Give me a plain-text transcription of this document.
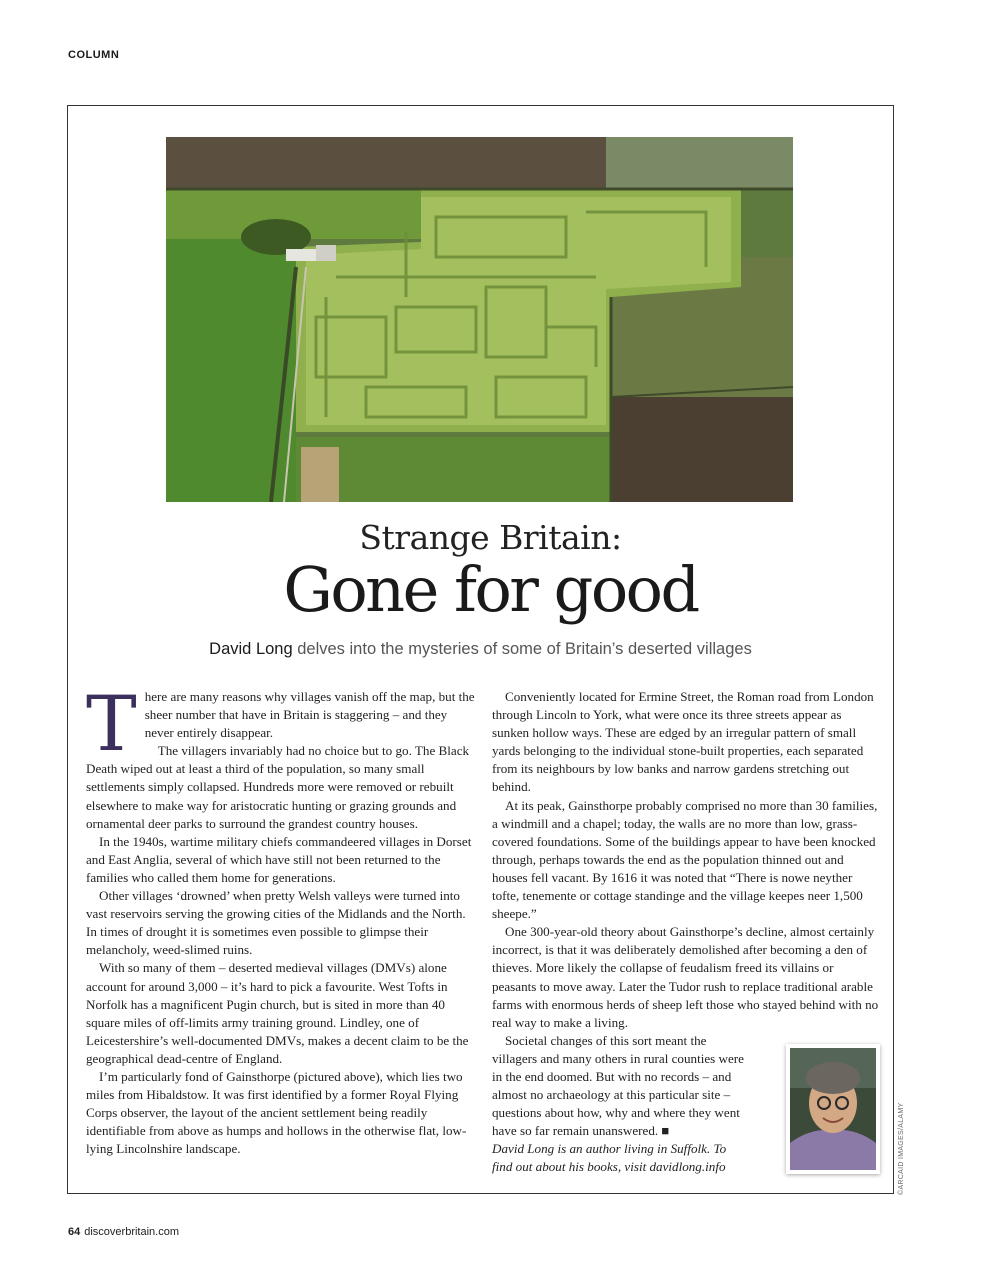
COLUMN
Strange Britain:
Gone for good
David Long delves into the mysteries of some of Britain’s deserted villages
T here are many reasons why villages vanish off the map, but the sheer number that have in Britain is staggering – and they never entirely disappear.

The villagers invariably had no choice but to go. The Black Death wiped out at least a third of the population, so many small settlements simply collapsed. Hundreds more were removed or rebuilt elsewhere to make way for aristocratic hunting or grazing grounds and ornamental deer parks to surround the grandest country houses.

In the 1940s, wartime military chiefs commandeered villages in Dorset and East Anglia, several of which have still not been returned to the families who called them home for generations.

Other villages ‘drowned’ when pretty Welsh valleys were turned into vast reservoirs serving the growing cities of the Midlands and the North. In times of drought it is sometimes even possible to glimpse their melancholy, weed-slimed ruins.

With so many of them – deserted medieval villages (DMVs) alone account for around 3,000 – it’s hard to pick a favourite. West Tofts in Norfolk has a magnificent Pugin church, but is sited in more than 40 square miles of off-limits army training ground. Lindley, one of Leicestershire’s well-documented DMVs, makes a decent claim to be the geographical dead-centre of England.

I’m particularly fond of Gainsthorpe (pictured above), which lies two miles from Hibaldstow. It was first identified by a former Royal Flying Corps observer, the layout of the ancient settlement being readily identifiable from above as humps and hollows in the otherwise flat, low-lying Lincolnshire landscape.

Conveniently located for Ermine Street, the Roman road from London through Lincoln to York, what were once its three streets appear as sunken hollow ways. These are edged by an irregular pattern of small yards belonging to the individual stone-built properties, each separated from its neighbours by low banks and narrow gardens stretching out behind.

At its peak, Gainsthorpe probably comprised no more than 30 families, a windmill and a chapel; today, the walls are no more than low, grass-covered foundations. Some of the buildings appear to have been knocked through, perhaps towards the end as the population thinned out and houses fell vacant. By 1616 it was noted that “There is nowe neyther tofte, tenemente or cottage standinge and the village keepes neer 1,500 sheepe.”

One 300-year-old theory about Gainsthorpe’s decline, almost certainly incorrect, is that it was deliberately demolished after becoming a den of thieves. More likely the collapse of feudalism freed its villains or peasants to move away. Later the Tudor rush to replace traditional arable farms with enormous herds of sheep left those who stayed behind with no real way to make a living.

Societal changes of this sort meant the

villagers and many others in rural counties were
in the end doomed. But with no records – and
almost no archaeology at this particular site –
questions about how, why and where they went
have so far remain unanswered. ■
David Long is an author living in Suffolk. To
find out about his books, visit davidlong.info	©ARCAID IMAGES/ALAMY
64 discoverbritain.com
